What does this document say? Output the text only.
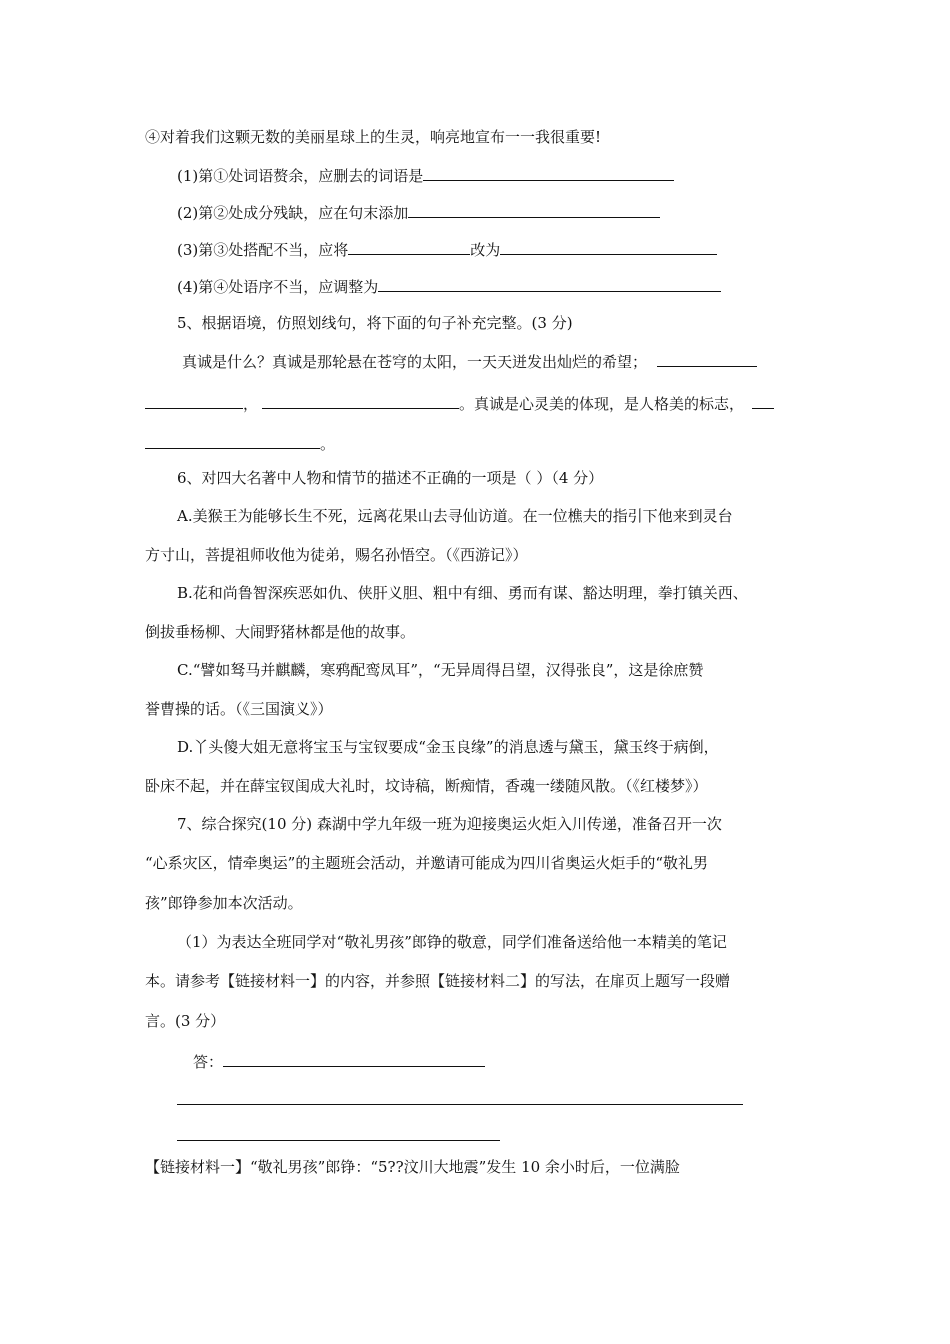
④对着我们这颗无数的美丽星球上的生灵，响亮地宣布一一我很重要!
(1)第①处词语赘余，应删去的词语是
(2)第②处成分残缺，应在句末添加
(3)第③处搭配不当，应将	改为
(4)第④处语序不当，应调整为
5、根据语境，仿照划线句，将下面的句子补充完整。(3 分)
真诚是什么？真诚是那轮悬在苍穹的太阳，一天天迸发出灿烂的希望；
，	。真诚是心灵美的体现，是人格美的标志，
。
6、对四大名著中人物和情节的描述不正确的一项是（ ）（4 分）
A.美猴王为能够长生不死，远离花果山去寻仙访道。在一位樵夫的指引下他来到灵台
方寸山，菩提祖师收他为徒弟，赐名孙悟空。（《西游记》）
B.花和尚鲁智深疾恶如仇、侠肝义胆、粗中有细、勇而有谋、豁达明理，拳打镇关西、
倒拔垂杨柳、大闹野猪林都是他的故事。
C.“譬如驽马并麒麟，寒鸦配鸾凤耳”，“无异周得吕望，汉得张良”，这是徐庶赞
誉曹操的话。（《三国演义》）
D.丫头傻大姐无意将宝玉与宝钗要成“金玉良缘”的消息透与黛玉，黛玉终于病倒，
卧床不起，并在薛宝钗闺成大礼时，坟诗稿，断痴情，香魂一缕随风散。（《红楼梦》）
7、综合探究(10 分) 森湖中学九年级一班为迎接奥运火炬入川传递，准备召开一次
“心系灾区，情牵奥运”的主题班会活动，并邀请可能成为四川省奥运火炬手的“敬礼男
孩”郎铮参加本次活动。
（1）为表达全班同学对“敬礼男孩”郎铮的敬意，同学们准备送给他一本精美的笔记
本。请参考【链接材料一】的内容，并参照【链接材料二】的写法，在扉页上题写一段赠
言。(3 分）
答：
【链接材料一】“敬礼男孩”郎铮：“5??汶川大地震”发生 10 余小时后，一位满脸
